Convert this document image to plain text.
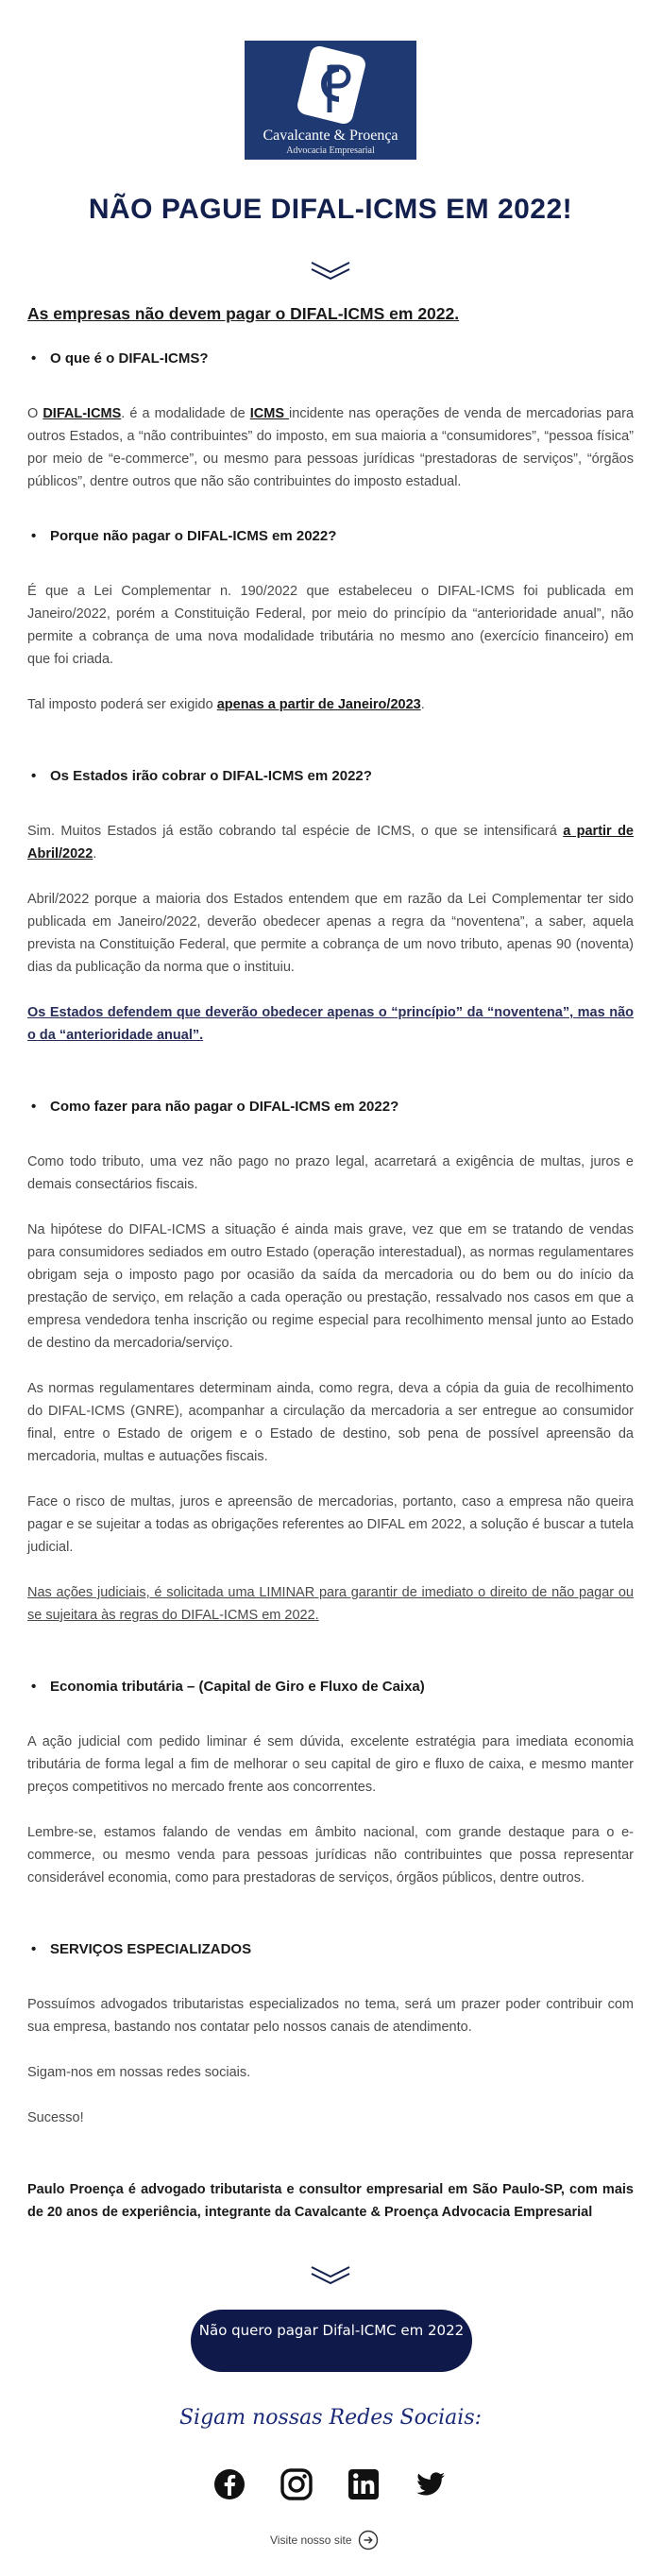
Cavalcante & Proença
Advocacia Empresarial
NÃO PAGUE DIFAL-ICMS EM 2022!

As empresas não devem pagar o DIFAL-ICMS em 2022.

• O que é o DIFAL-ICMS?

O DIFAL-ICMS. é a modalidade de ICMS incidente nas operações de venda de mercadorias para outros Estados, a “não contribuintes” do imposto, em sua maioria a “consumidores”, “pessoa física” por meio de “e-commerce”, ou mesmo para pessoas jurídicas “prestadoras de serviços”, “órgãos públicos”, dentre outros que não são contribuintes do imposto estadual.

• Porque não pagar o DIFAL-ICMS em 2022?

É que a Lei Complementar n. 190/2022 que estabeleceu o DIFAL-ICMS foi publicada em Janeiro/2022, porém a Constituição Federal, por meio do princípio da “anterioridade anual”, não permite a cobrança de uma nova modalidade tributária no mesmo ano (exercício financeiro) em que foi criada.

Tal imposto poderá ser exigido apenas a partir de Janeiro/2023.

• Os Estados irão cobrar o DIFAL-ICMS em 2022?

Sim. Muitos Estados já estão cobrando tal espécie de ICMS, o que se intensificará a partir de Abril/2022.

Abril/2022 porque a maioria dos Estados entendem que em razão da Lei Complementar ter sido publicada em Janeiro/2022, deverão obedecer apenas a regra da “noventena”, a saber, aquela prevista na Constituição Federal, que permite a cobrança de um novo tributo, apenas 90 (noventa) dias da publicação da norma que o instituiu.

Os Estados defendem que deverão obedecer apenas o “princípio” da “noventena”, mas não o da “anterioridade anual”.

• Como fazer para não pagar o DIFAL-ICMS em 2022?

Como todo tributo, uma vez não pago no prazo legal, acarretará a exigência de multas, juros e demais consectários fiscais.

Na hipótese do DIFAL-ICMS a situação é ainda mais grave, vez que em se tratando de vendas para consumidores sediados em outro Estado (operação interestadual), as normas regulamentares obrigam seja o imposto pago por ocasião da saída da mercadoria ou do bem ou do início da prestação de serviço, em relação a cada operação ou prestação, ressalvado nos casos em que a empresa vendedora tenha inscrição ou regime especial para recolhimento mensal junto ao Estado de destino da mercadoria/serviço.

As normas regulamentares determinam ainda, como regra, deva a cópia da guia de recolhimento do DIFAL-ICMS (GNRE), acompanhar a circulação da mercadoria a ser entregue ao consumidor final, entre o Estado de origem e o Estado de destino, sob pena de possível apreensão da mercadoria, multas e autuações fiscais.

Face o risco de multas, juros e apreensão de mercadorias, portanto, caso a empresa não queira pagar e se sujeitar a todas as obrigações referentes ao DIFAL em 2022, a solução é buscar a tutela judicial.

Nas ações judiciais, é solicitada uma LIMINAR para garantir de imediato o direito de não pagar ou se sujeitara às regras do DIFAL-ICMS em 2022.

• Economia tributária – (Capital de Giro e Fluxo de Caixa)

A ação judicial com pedido liminar é sem dúvida, excelente estratégia para imediata economia tributária de forma legal a fim de melhorar o seu capital de giro e fluxo de caixa, e mesmo manter preços competitivos no mercado frente aos concorrentes.

Lembre-se, estamos falando de vendas em âmbito nacional, com grande destaque para o e-commerce, ou mesmo venda para pessoas jurídicas não contribuintes que possa representar considerável economia, como para prestadoras de serviços, órgãos públicos, dentre outros.

• SERVIÇOS ESPECIALIZADOS

Possuímos advogados tributaristas especializados no tema, será um prazer poder contribuir com sua empresa, bastando nos contatar pelo nossos canais de atendimento.

Sigam-nos em nossas redes sociais.

Sucesso!

Paulo Proença é advogado tributarista e consultor empresarial em São Paulo-SP, com mais de 20 anos de experiência, integrante da Cavalcante & Proença Advocacia Empresarial

Não quero pagar Difal-ICMC em 2022
Sigam nossas Redes Sociais:
Visite nosso site
